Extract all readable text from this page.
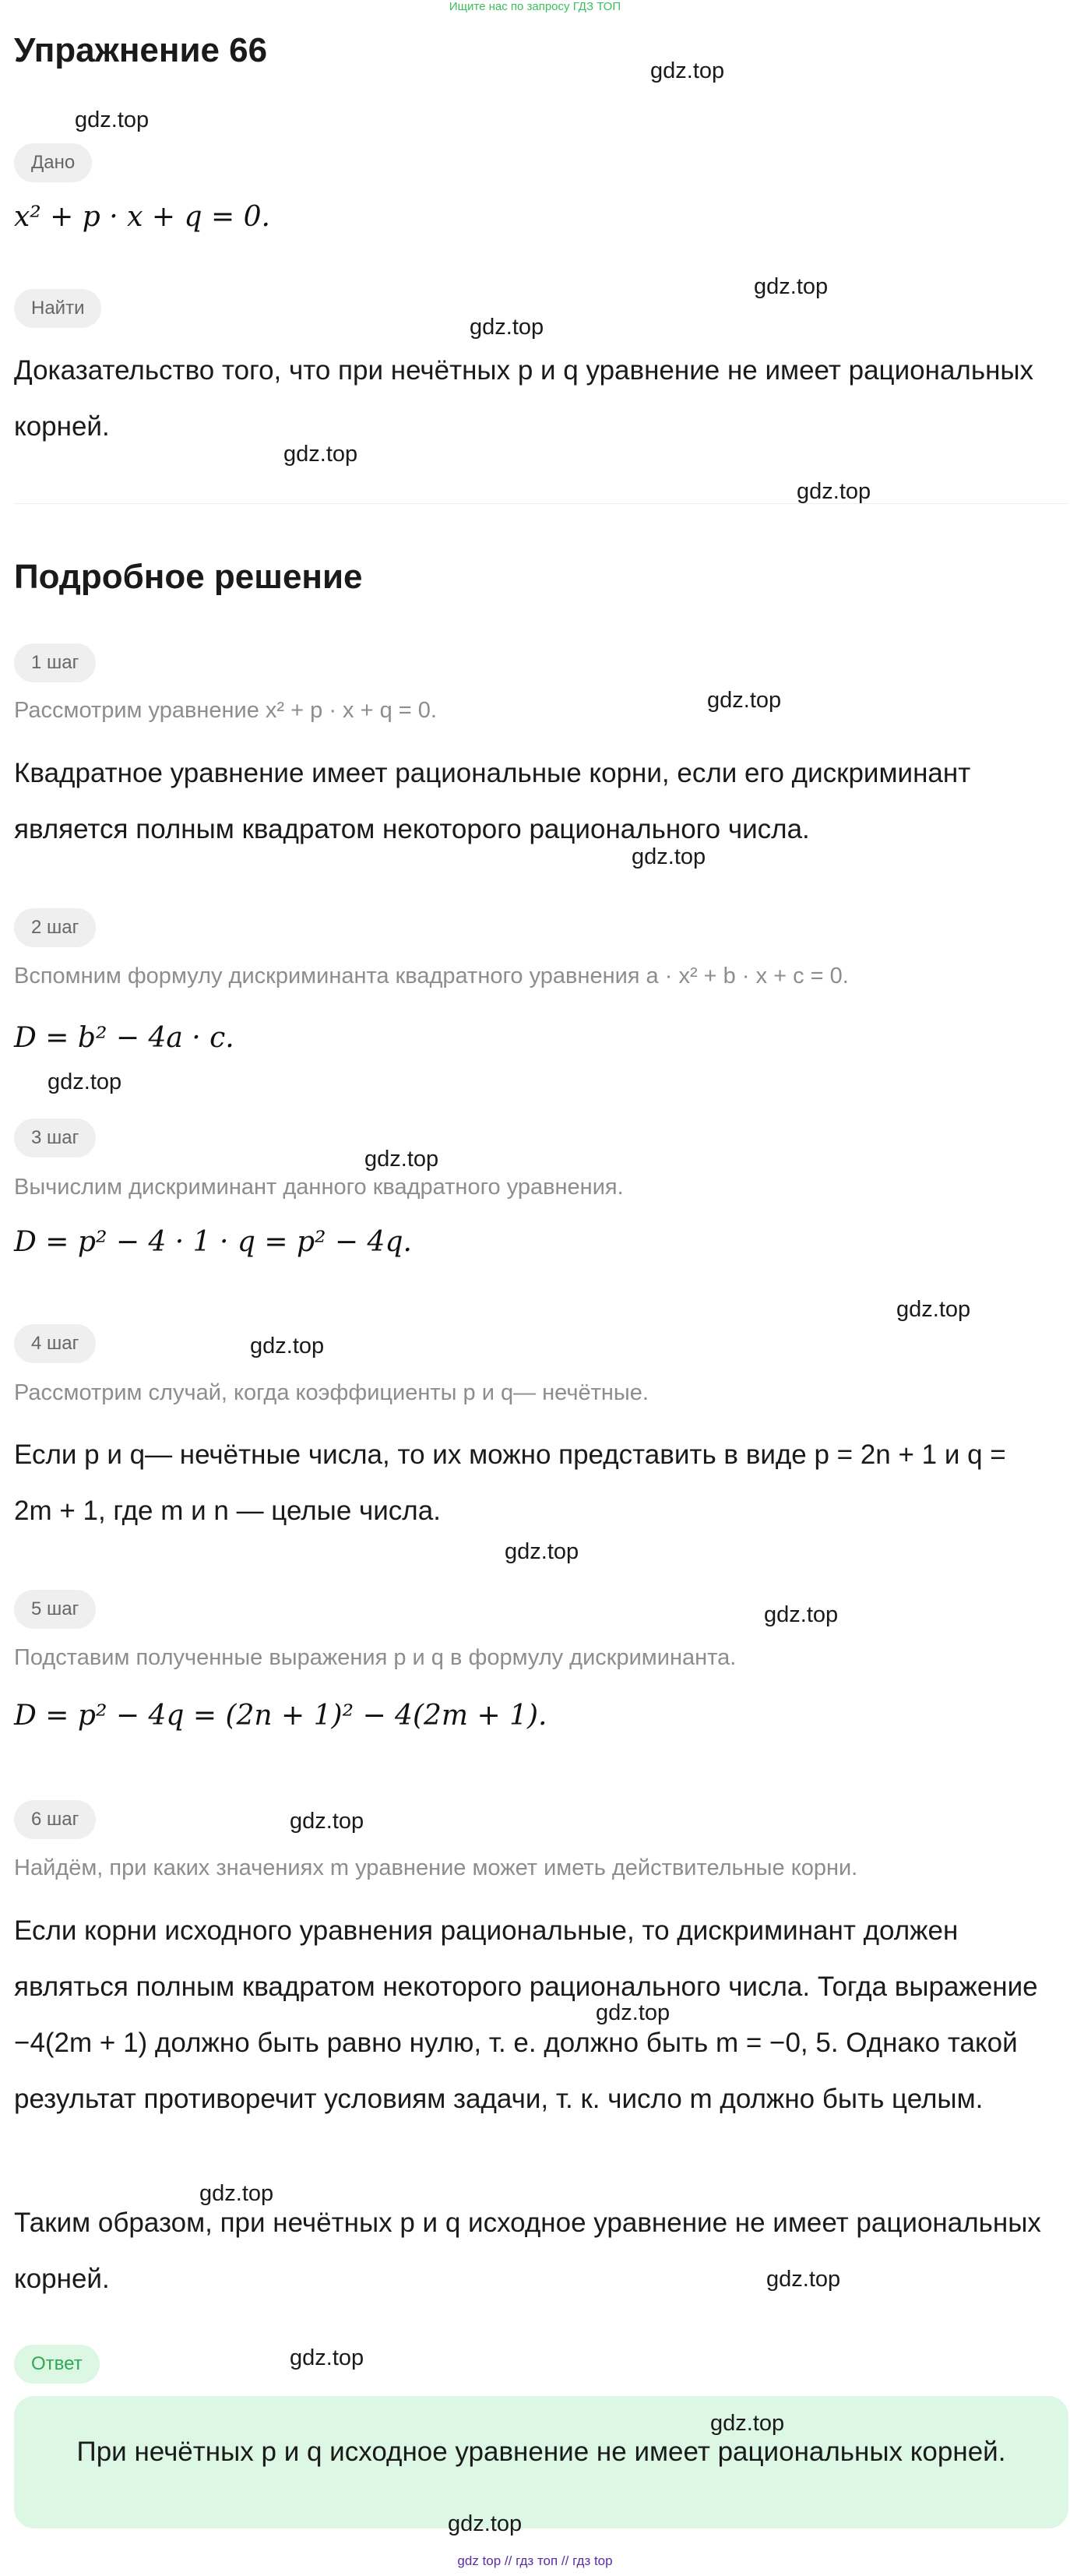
Ищите нас по запросу ГДЗ ТОП
Упражнение 66
Дано
x² + p · x + q = 0.
Найти
Доказательство того, что при нечётных p и q уравнение не имеет рациональных корней.
Подробное решение
1 шаг
Рассмотрим уравнение x² + p · x + q = 0.
Квадратное уравнение имеет рациональные корни, если его дискриминант является полным квадратом некоторого рационального числа.
2 шаг
Вспомним формулу дискриминанта квадратного уравнения a · x² + b · x + c = 0.
D = b² − 4a · c.
3 шаг
Вычислим дискриминант данного квадратного уравнения.
D = p² − 4 · 1 · q = p² − 4q.
4 шаг
Рассмотрим случай, когда коэффициенты p и q— нечётные.
Если p и q— нечётные числа, то их можно представить в виде p = 2n + 1 и q = 2m + 1, где m и n — целые числа.
5 шаг
Подставим полученные выражения p и q в формулу дискриминанта.
D = p² − 4q = (2n + 1)² − 4(2m + 1).
6 шаг
Найдём, при каких значениях m уравнение может иметь действительные корни.
Если корни исходного уравнения рациональные, то дискриминант должен являться полным квадратом некоторого рационального числа. Тогда выражение −4(2m + 1) должно быть равно нулю, т. е. должно быть m = −0, 5. Однако такой результат противоречит условиям задачи, т. к. число m должно быть целым.
Таким образом, при нечётных p и q исходное уравнение не имеет рациональных корней.
Ответ
При нечётных p и q исходное уравнение не имеет рациональных корней.
gdz.top
gdz.top
gdz.top
gdz.top
gdz.top
gdz.top
gdz.top
gdz.top
gdz.top
gdz.top
gdz.top
gdz.top
gdz.top
gdz.top
gdz.top
gdz.top
gdz.top
gdz.top
gdz.top
gdz.top
gdz.top
gdz top // гдз топ // гдз top
